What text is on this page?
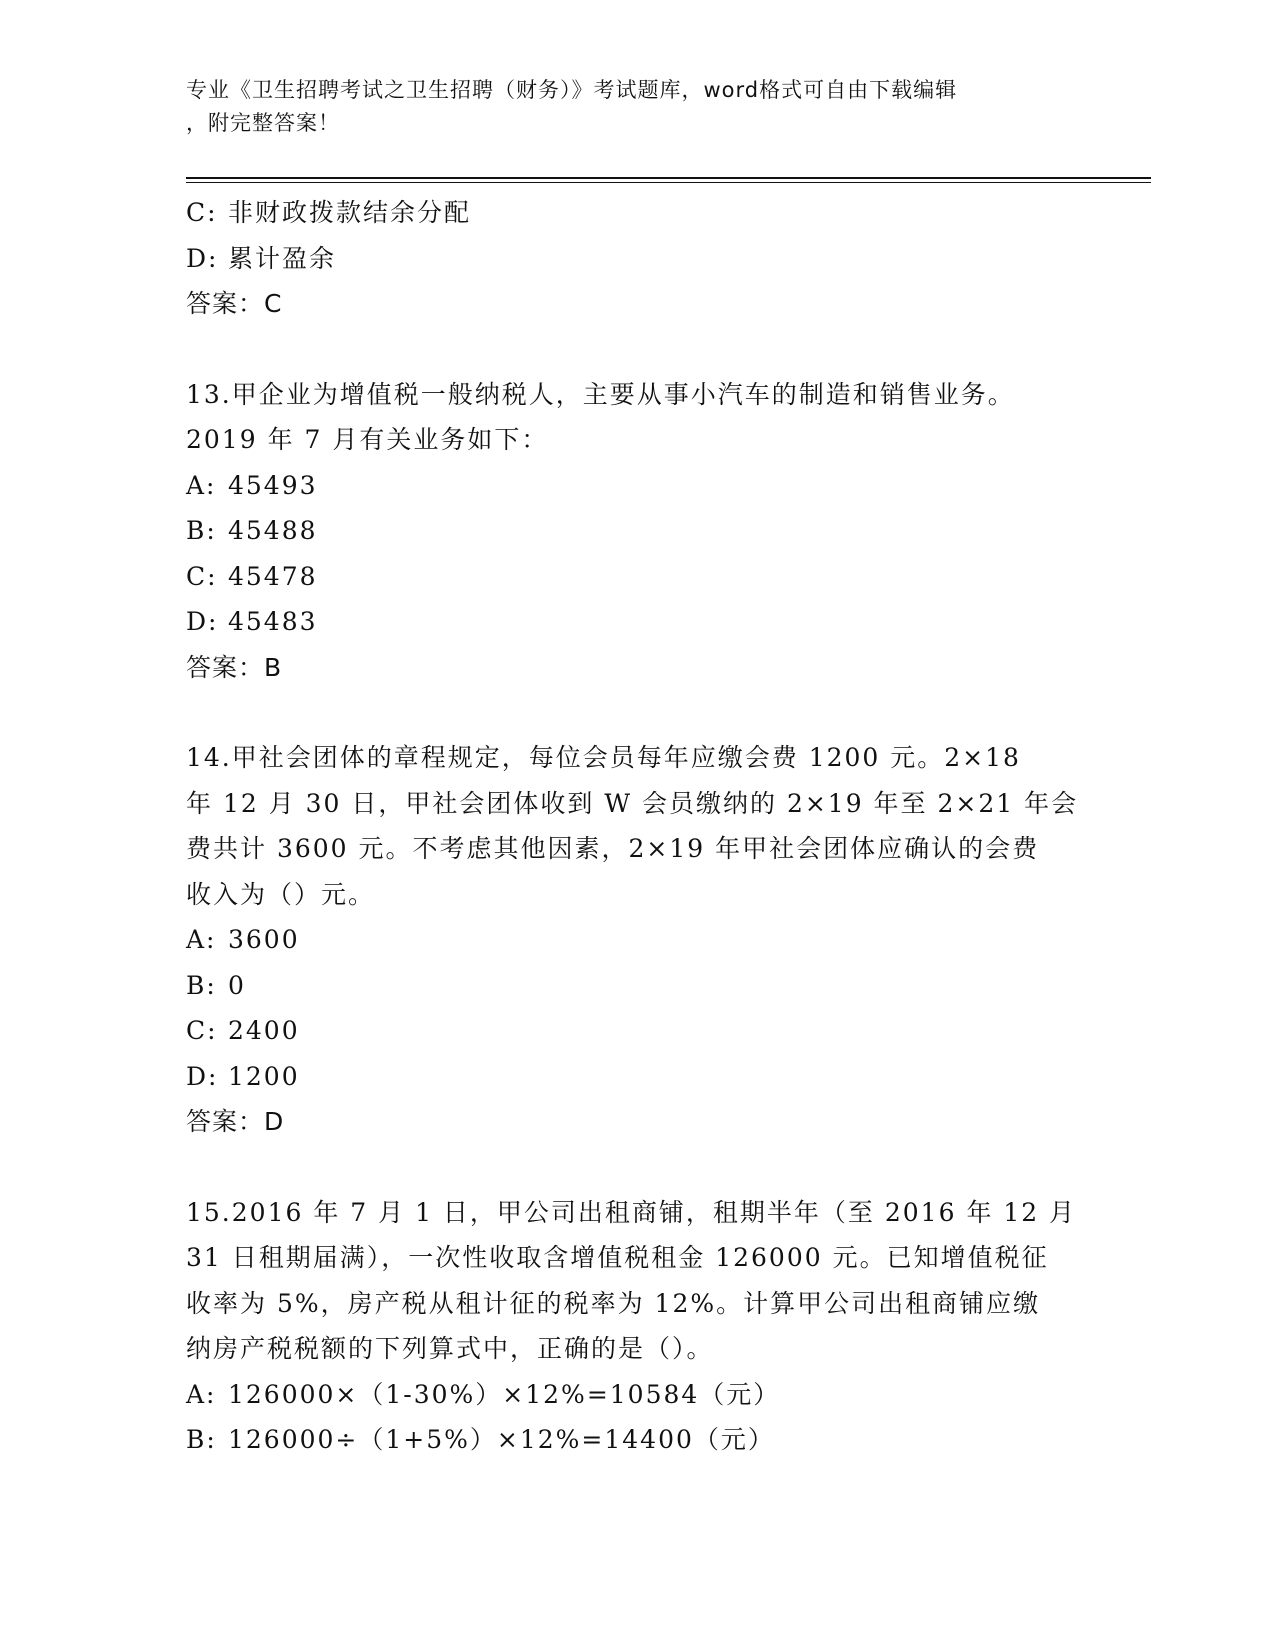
专业《卫生招聘考试之卫生招聘（财务）》考试题库，word格式可自由下载编辑
，附完整答案！
C: 非财政拨款结余分配
D: 累计盈余
答案：C
13.甲企业为增值税一般纳税人，主要从事小汽车的制造和销售业务。
2019 年 7 月有关业务如下：
A: 45493
B: 45488
C: 45478
D: 45483
答案：B
14.甲社会团体的章程规定，每位会员每年应缴会费 1200 元。2×18
年 12 月 30 日，甲社会团体收到 W 会员缴纳的 2×19 年至 2×21 年会
费共计 3600 元。不考虑其他因素，2×19 年甲社会团体应确认的会费
收入为（）元。
A: 3600
B: 0
C: 2400
D: 1200
答案：D
15.2016 年 7 月 1 日，甲公司出租商铺，租期半年（至 2016 年 12 月
31 日租期届满），一次性收取含增值税租金 126000 元。已知增值税征
收率为 5%，房产税从租计征的税率为 12%。计算甲公司出租商铺应缴
纳房产税税额的下列算式中，正确的是（）。
A: 126000×（1-30%）×12%=10584（元）
B: 126000÷（1+5%）×12%=14400（元）
